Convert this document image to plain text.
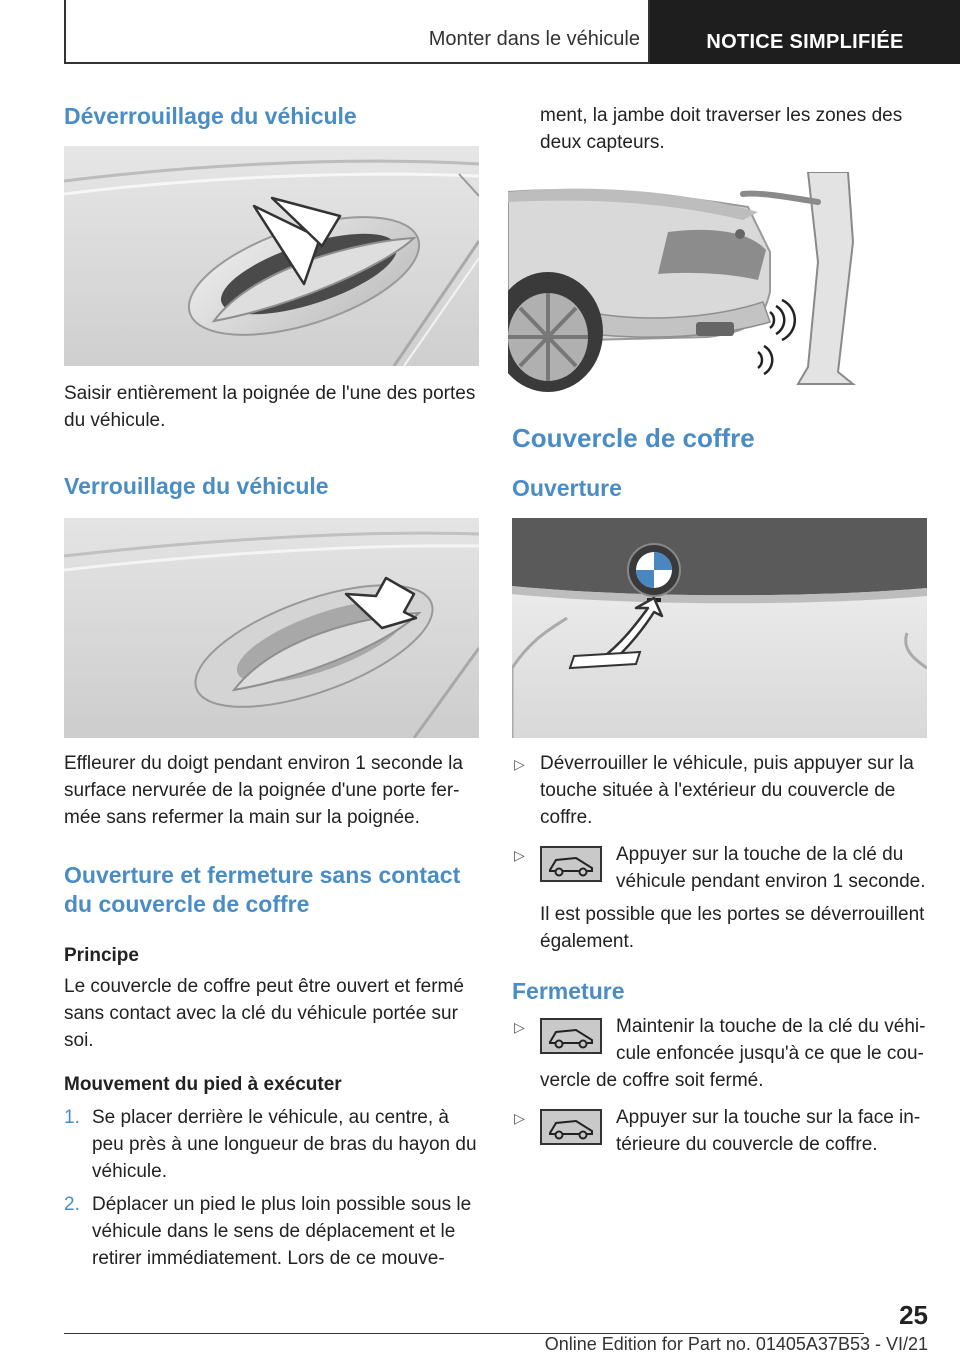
Monter dans le véhicule	NOTICE SIMPLIFIÉE
Déverrouillage du véhicule

Saisir entièrement la poignée de l'une des portes du véhicule.

Verrouillage du véhicule

Effleurer du doigt pendant environ 1 seconde la surface nervurée de la poignée d'une porte fer- mée sans refermer la main sur la poignée.

Ouverture et fermeture sans contact du couvercle de coffre
Principe

Le couvercle de coffre peut être ouvert et fermé sans contact avec la clé du véhicule portée sur soi.

Mouvement du pied à exécuter
1. Se placer derrière le véhicule, au centre, à peu près à une longueur de bras du hayon du véhicule.
2. Déplacer un pied le plus loin possible sous le véhicule dans le sens de déplacement et le retirer immédiatement. Lors de ce mouve-

ment, la jambe doit traverser les zones des deux capteurs.

Couvercle de coffre
Ouverture
▷ Déverrouiller le véhicule, puis appuyer sur la touche située à l'extérieur du couvercle de coffre.
▷	Appuyer sur la touche de la clé du véhicule pendant environ 1 seconde.

Il est possible que les portes se déverrouillent également.

Fermeture
▷	Maintenir la touche de la clé du véhi- cule enfoncée jusqu'à ce que le cou- vercle de coffre soit fermé.
▷	Appuyer sur la touche sur la face in- térieure du couvercle de coffre.
25
Online Edition for Part no. 01405A37B53 - VI/21
